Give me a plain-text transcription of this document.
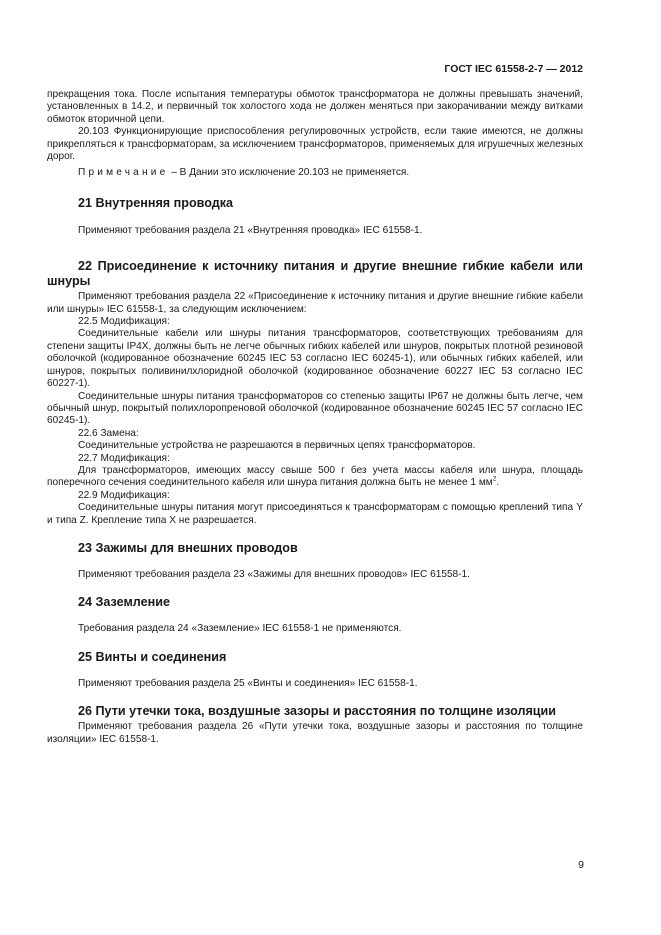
ГОСТ IEC 61558-2-7 — 2012

прекращения тока. После испытания температуры обмоток трансформатора не должны превышать значений, установленных в 14.2, и первичный ток холостого хода не должен меняться при закорачивании между витками обмоток вторичной цепи.

20.103 Функционирующие приспособления регулировочных устройств, если такие имеются, не должны прикрепляться к трансформаторам, за исключением трансформаторов, применяемых для игрушечных железных дорог.

Примечание – В Дании это исключение 20.103 не применяется.

21 Внутренняя проводка

Применяют требования раздела 21 «Внутренняя проводка» IEC 61558-1.

22 Присоединение к источнику питания и другие внешние гибкие кабели или шнуры

Применяют требования раздела 22 «Присоединение к источнику питания и другие внешние гибкие кабели или шнуры» IEC 61558-1, за следующим исключением:

22.5 Модификация:

Соединительные кабели или шнуры питания трансформаторов, соответствующих требованиям для степени защиты IP4X, должны быть не легче обычных гибких кабелей или шнуров, покрытых плотной резиновой оболочкой (кодированное обозначение 60245 IEC 53 согласно IEC 60245-1), или обычных гибких кабелей, или шнуров, покрытых поливинилхлоридной оболочкой (кодированное обозначение 60227 IEC 53 согласно IEC 60227-1).

Соединительные шнуры питания трансформаторов со степенью защиты IP67 не должны быть легче, чем обычный шнур, покрытый полихлоропреновой оболочкой (кодированное обозначение 60245 IEC 57 согласно IEC 60245-1).

22.6 Замена:

Соединительные устройства не разрешаются в первичных цепях трансформаторов.

22.7 Модификация:

Для трансформаторов, имеющих массу свыше 500 г без учета массы кабеля или шнура, площадь поперечного сечения соединительного кабеля или шнура питания должна быть не менее 1 $мм^2$.

22.9 Модификация:

Соединительные шнуры питания могут присоединяться к трансформаторам с помощью креплений типа Y и типа Z. Крепление типа X не разрешается.

23 Зажимы для внешних проводов

Применяют требования раздела 23 «Зажимы для внешних проводов» IEC 61558-1.

24 Заземление

Требования раздела 24 «Заземление» IEC 61558-1 не применяются.

25 Винты и соединения

Применяют требования раздела 25 «Винты и соединения» IEC 61558-1.

26 Пути утечки тока, воздушные зазоры и расстояния по толщине изоляции

Применяют требования раздела 26 «Пути утечки тока, воздушные зазоры и расстояния по толщине изоляции» IEC 61558-1.

9
